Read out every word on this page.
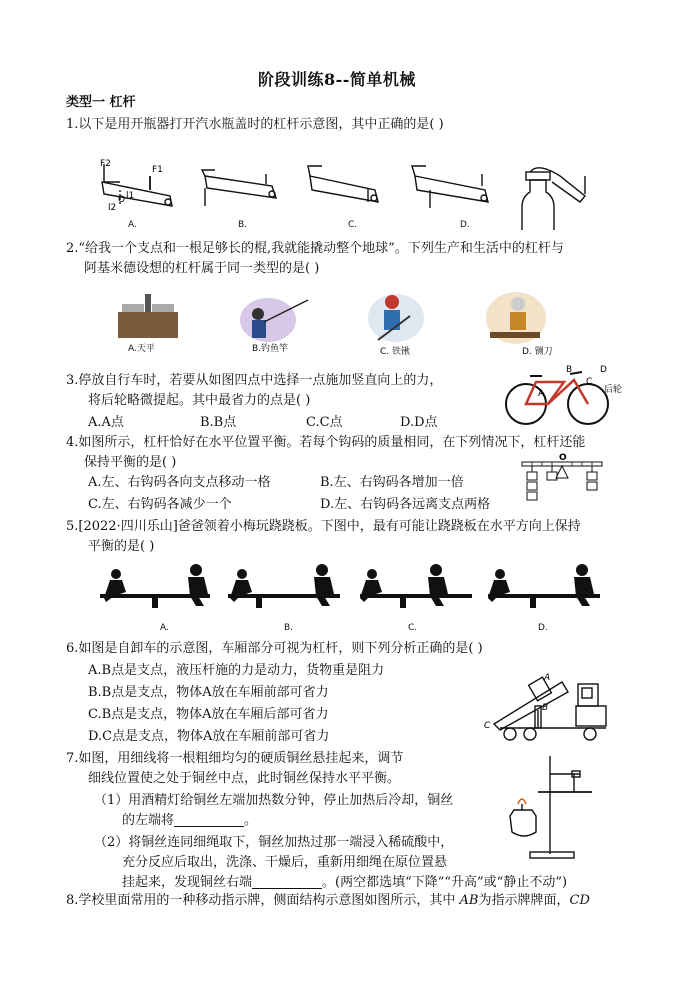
阶段训练8--简单机械
类型一 杠杆
1.以下是用开瓶器打开汽水瓶盖时的杠杆示意图，其中正确的是( )
F2
F1
l1
l2
O
A.	B.	C.	D.
2.“给我一个支点和一根足够长的棍,我就能撬动整个地球”。下列生产和生活中的杠杆与
阿基米德设想的杠杆属于同一类型的是( )
A.天平	B.钓鱼竿	C. 铁锹	D. 铡刀
3.停放自行车时，若要从如图四点中选择一点施加竖直向上的力，
将后轮略微提起。其中最省力的点是( )
A.A点	B.B点	C.C点	D.D点
A
B
C
D
后轮
4.如图所示，杠杆恰好在水平位置平衡。若每个钩码的质量相同，在下列情况下，杠杆还能
保持平衡的是( )
A.左、右钩码各向支点移动一格	B.左、右钩码各增加一倍
C.左、右钩码各减少一个	D.左、右钩码各远离支点两格
O
5.[2022·四川乐山]爸爸领着小梅玩跷跷板。下图中，最有可能让跷跷板在水平方向上保持
平衡的是( )
A.	B.	C.	D.
6.如图是自卸车的示意图，车厢部分可视为杠杆，则下列分析正确的是( )
A.B点是支点，液压杆施的力是动力，货物重是阻力
B.B点是支点，物体A放在车厢前部可省力
C.B点是支点，物体A放在车厢后部可省力
D.C点是支点，物体A放在车厢前部可省力
A
B
C
7.如图，用细线将一根粗细均匀的硬质铜丝悬挂起来，调节
细线位置使之处于铜丝中点，此时铜丝保持水平平衡。
（1）用酒精灯给铜丝左端加热数分钟，停止加热后冷却，铜丝
的左端将	。
（2）将铜丝连同细绳取下，铜丝加热过那一端浸入稀硫酸中，
充分反应后取出，洗涤、干燥后，重新用细绳在原位置悬
挂起来，发现铜丝右端	。(两空都选填“下降”“升高”或“静止不动”)
8.学校里面常用的一种移动指示牌，侧面结构示意图如图所示，其中 AB为指示牌牌面，CD
